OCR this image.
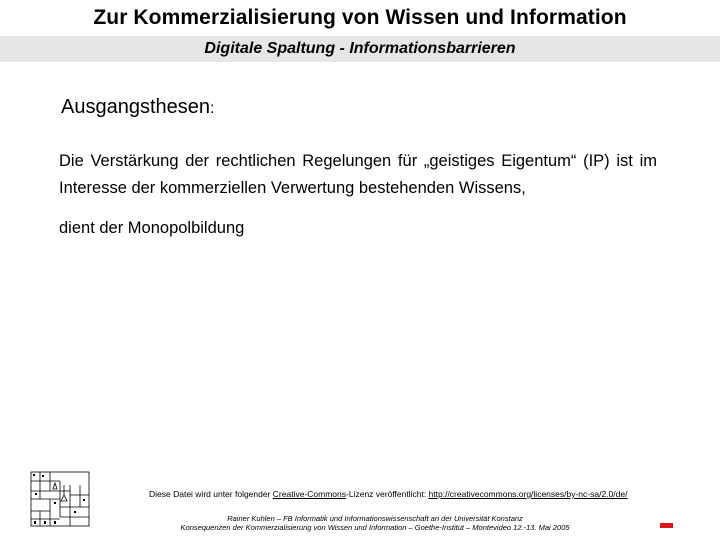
Zur Kommerzialisierung von Wissen und Information
Digitale Spaltung - Informationsbarrieren
Ausgangsthesen:

Die Verstärkung der rechtlichen Regelungen für „geistiges Eigentum“ (IP) ist im Interesse der kommerziellen Verwertung bestehenden Wissens,

dient der Monopolbildung

Diese Datei wird unter folgender Creative-Commons-Lizenz veröffentlicht: http://creativecommons.org/licenses/by-nc-sa/2.0/de/
Rainer Kuhlen – FB Informatik und Informationswissenschaft an der Universität Konstanz
Konsequenzen der Kommerzialisierung von Wissen und Information – Goethe-Institut – Montevideo 12.-13. Mai 2005
